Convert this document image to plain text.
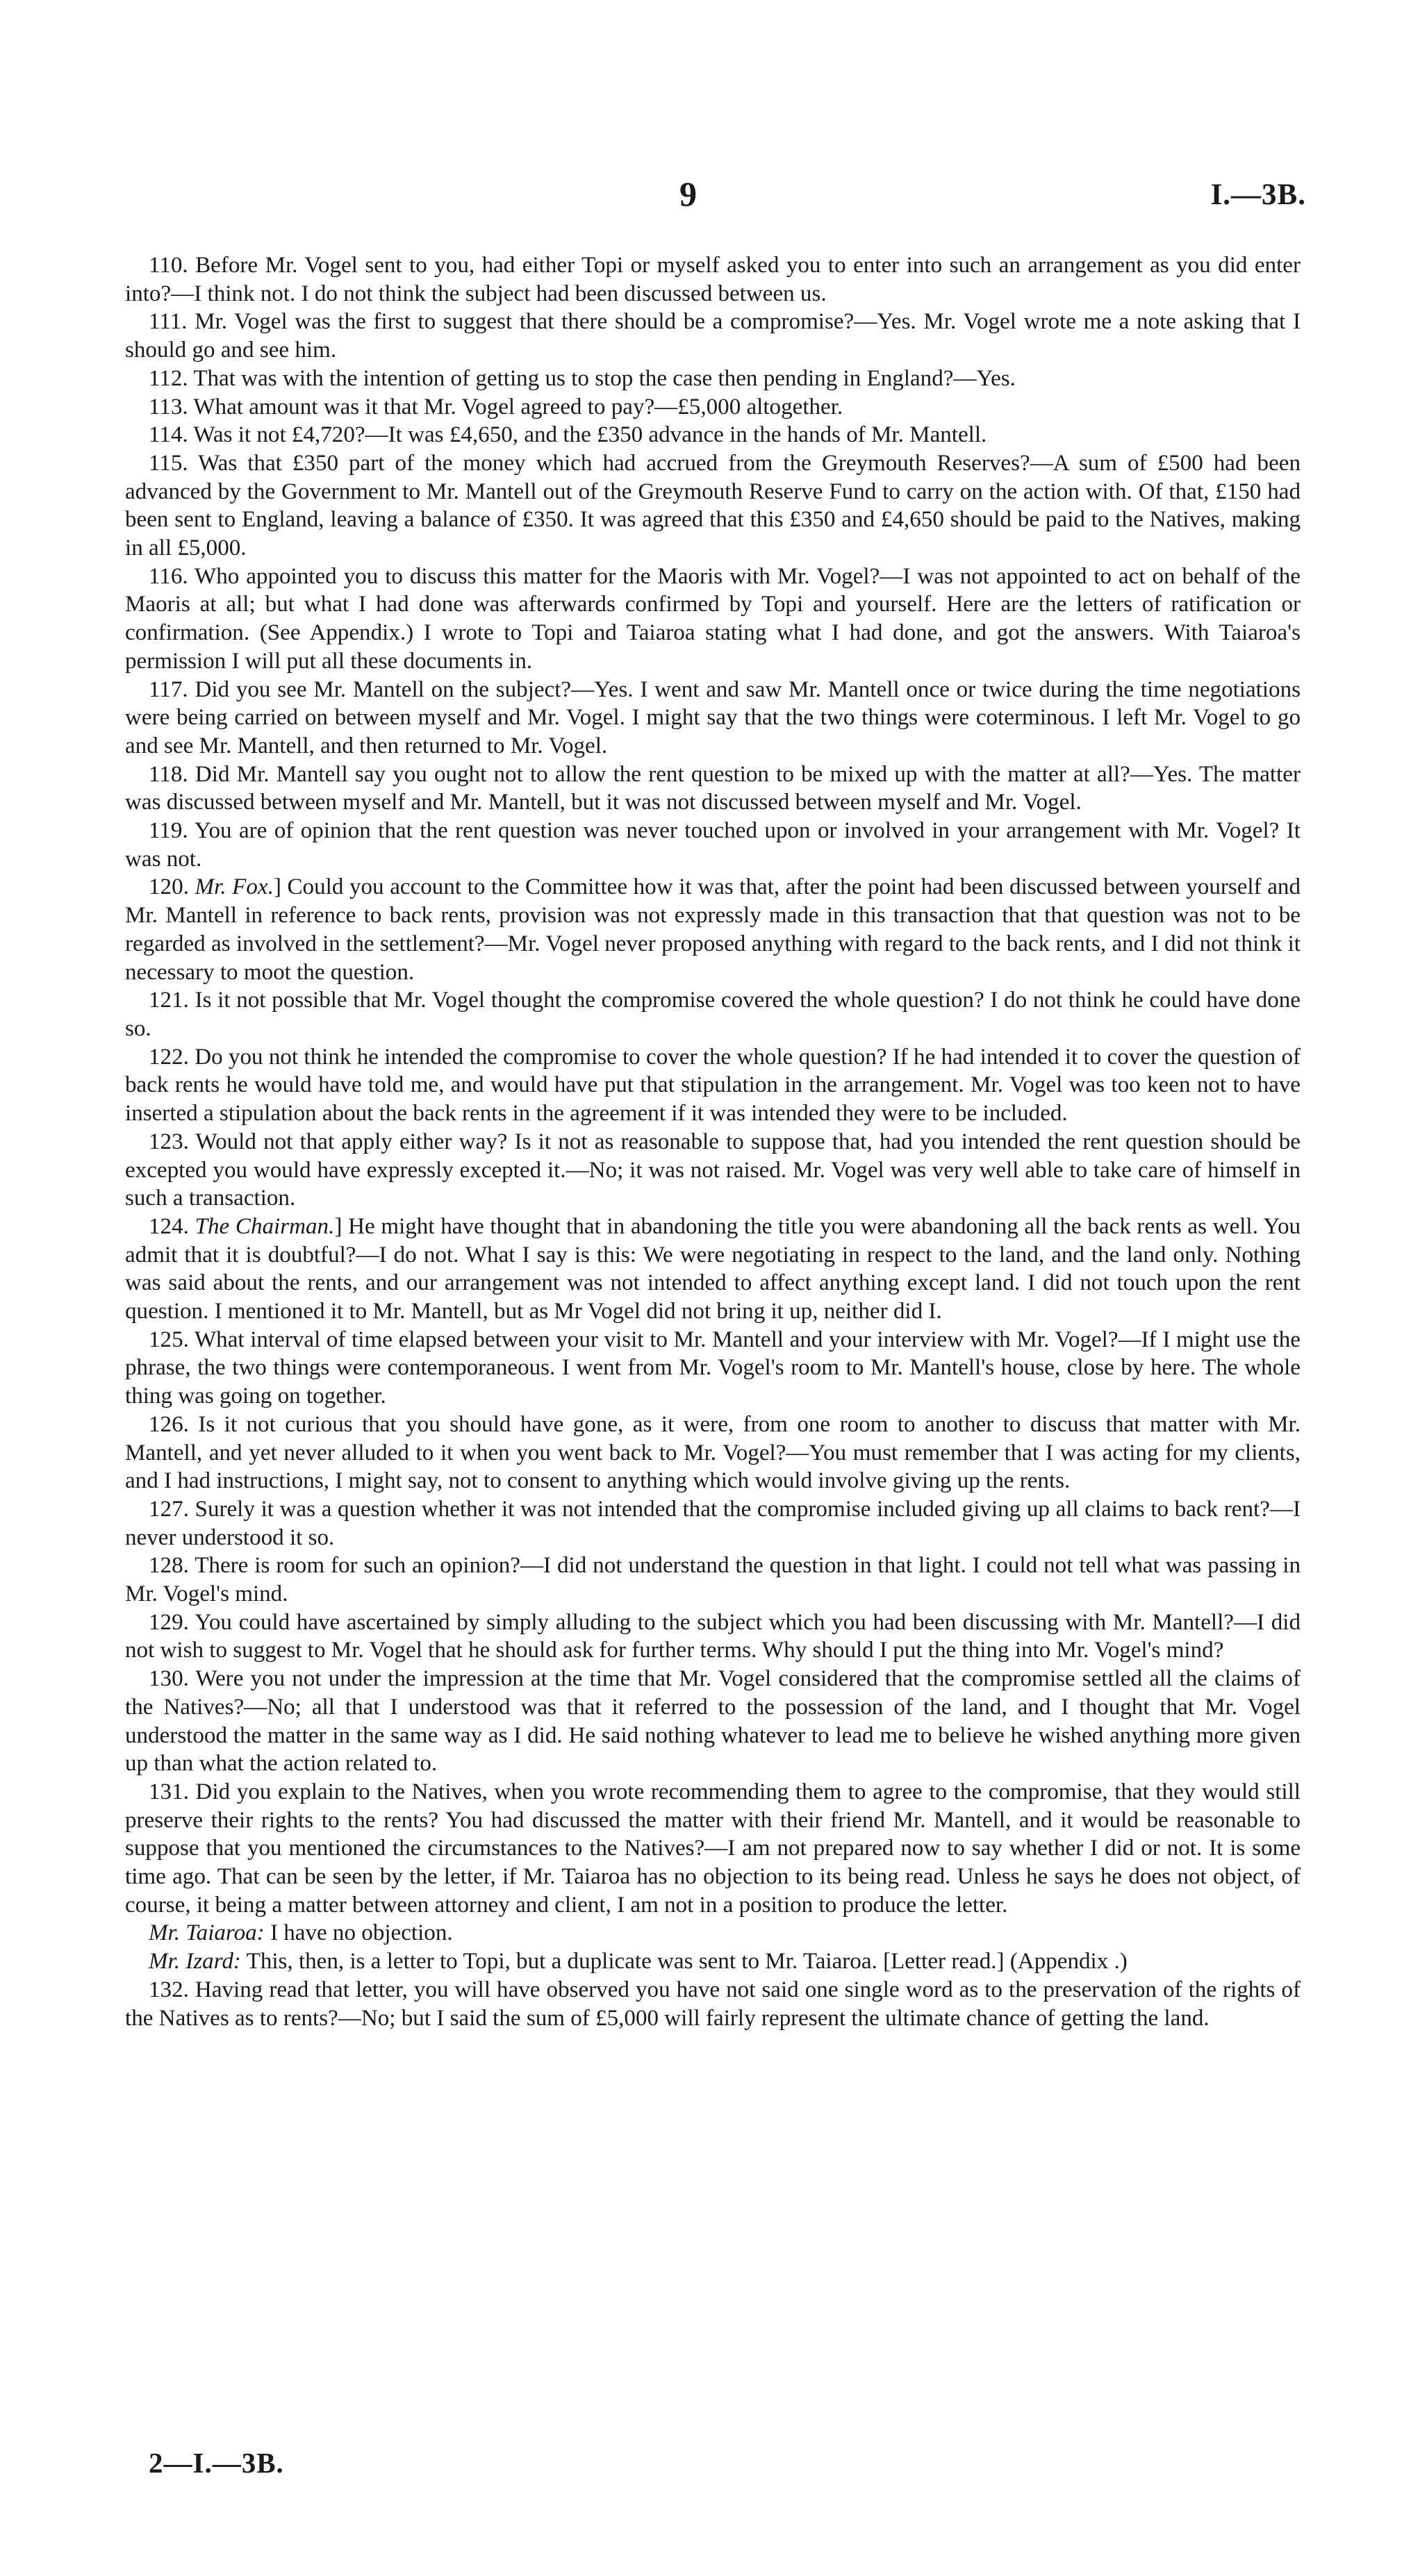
9	I.—3B.

110. Before Mr. Vogel sent to you, had either Topi or myself asked you to enter into such an arrangement as you did enter into?—I think not. I do not think the subject had been discussed between us.

111. Mr. Vogel was the first to suggest that there should be a compromise?—Yes. Mr. Vogel wrote me a note asking that I should go and see him.

112. That was with the intention of getting us to stop the case then pending in England?—Yes.

113. What amount was it that Mr. Vogel agreed to pay?—£5,000 altogether.

114. Was it not £4,720?—It was £4,650, and the £350 advance in the hands of Mr. Mantell.

115. Was that £350 part of the money which had accrued from the Greymouth Reserves?—A sum of £500 had been advanced by the Government to Mr. Mantell out of the Greymouth Reserve Fund to carry on the action with. Of that, £150 had been sent to England, leaving a balance of £350. It was agreed that this £350 and £4,650 should be paid to the Natives, making in all £5,000.

116. Who appointed you to discuss this matter for the Maoris with Mr. Vogel?—I was not appointed to act on behalf of the Maoris at all; but what I had done was afterwards confirmed by Topi and yourself. Here are the letters of ratification or confirmation. (See Appendix.) I wrote to Topi and Taiaroa stating what I had done, and got the answers. With Taiaroa's permission I will put all these documents in.

117. Did you see Mr. Mantell on the subject?—Yes. I went and saw Mr. Mantell once or twice during the time negotiations were being carried on between myself and Mr. Vogel. I might say that the two things were coterminous. I left Mr. Vogel to go and see Mr. Mantell, and then returned to Mr. Vogel.

118. Did Mr. Mantell say you ought not to allow the rent question to be mixed up with the matter at all?—Yes. The matter was discussed between myself and Mr. Mantell, but it was not discussed between myself and Mr. Vogel.

119. You are of opinion that the rent question was never touched upon or involved in your arrangement with Mr. Vogel? It was not.

120. Mr. Fox.] Could you account to the Committee how it was that, after the point had been discussed between yourself and Mr. Mantell in reference to back rents, provision was not expressly made in this transaction that that question was not to be regarded as involved in the settlement?—Mr. Vogel never proposed anything with regard to the back rents, and I did not think it necessary to moot the question.

121. Is it not possible that Mr. Vogel thought the compromise covered the whole question? I do not think he could have done so.

122. Do you not think he intended the compromise to cover the whole question? If he had intended it to cover the question of back rents he would have told me, and would have put that stipulation in the arrangement. Mr. Vogel was too keen not to have inserted a stipulation about the back rents in the agreement if it was intended they were to be included.

123. Would not that apply either way? Is it not as reasonable to suppose that, had you intended the rent question should be excepted you would have expressly excepted it.—No; it was not raised. Mr. Vogel was very well able to take care of himself in such a transaction.

124. The Chairman.] He might have thought that in abandoning the title you were abandoning all the back rents as well. You admit that it is doubtful?—I do not. What I say is this: We were negotiating in respect to the land, and the land only. Nothing was said about the rents, and our arrangement was not intended to affect anything except land. I did not touch upon the rent question. I mentioned it to Mr. Mantell, but as Mr Vogel did not bring it up, neither did I.

125. What interval of time elapsed between your visit to Mr. Mantell and your interview with Mr. Vogel?—If I might use the phrase, the two things were contemporaneous. I went from Mr. Vogel's room to Mr. Mantell's house, close by here. The whole thing was going on together.

126. Is it not curious that you should have gone, as it were, from one room to another to discuss that matter with Mr. Mantell, and yet never alluded to it when you went back to Mr. Vogel?—You must remember that I was acting for my clients, and I had instructions, I might say, not to consent to anything which would involve giving up the rents.

127. Surely it was a question whether it was not intended that the compromise included giving up all claims to back rent?—I never understood it so.

128. There is room for such an opinion?—I did not understand the question in that light. I could not tell what was passing in Mr. Vogel's mind.

129. You could have ascertained by simply alluding to the subject which you had been discussing with Mr. Mantell?—I did not wish to suggest to Mr. Vogel that he should ask for further terms. Why should I put the thing into Mr. Vogel's mind?

130. Were you not under the impression at the time that Mr. Vogel considered that the compromise settled all the claims of the Natives?—No; all that I understood was that it referred to the possession of the land, and I thought that Mr. Vogel understood the matter in the same way as I did. He said nothing whatever to lead me to believe he wished anything more given up than what the action related to.

131. Did you explain to the Natives, when you wrote recommending them to agree to the compromise, that they would still preserve their rights to the rents? You had discussed the matter with their friend Mr. Mantell, and it would be reasonable to suppose that you mentioned the circumstances to the Natives?—I am not prepared now to say whether I did or not. It is some time ago. That can be seen by the letter, if Mr. Taiaroa has no objection to its being read. Unless he says he does not object, of course, it being a matter between attorney and client, I am not in a position to produce the letter.

Mr. Taiaroa: I have no objection.

Mr. Izard: This, then, is a letter to Topi, but a duplicate was sent to Mr. Taiaroa. [Letter read.] (Appendix .)

132. Having read that letter, you will have observed you have not said one single word as to the preservation of the rights of the Natives as to rents?—No; but I said the sum of £5,000 will fairly represent the ultimate chance of getting the land.

2—I.—3B.
